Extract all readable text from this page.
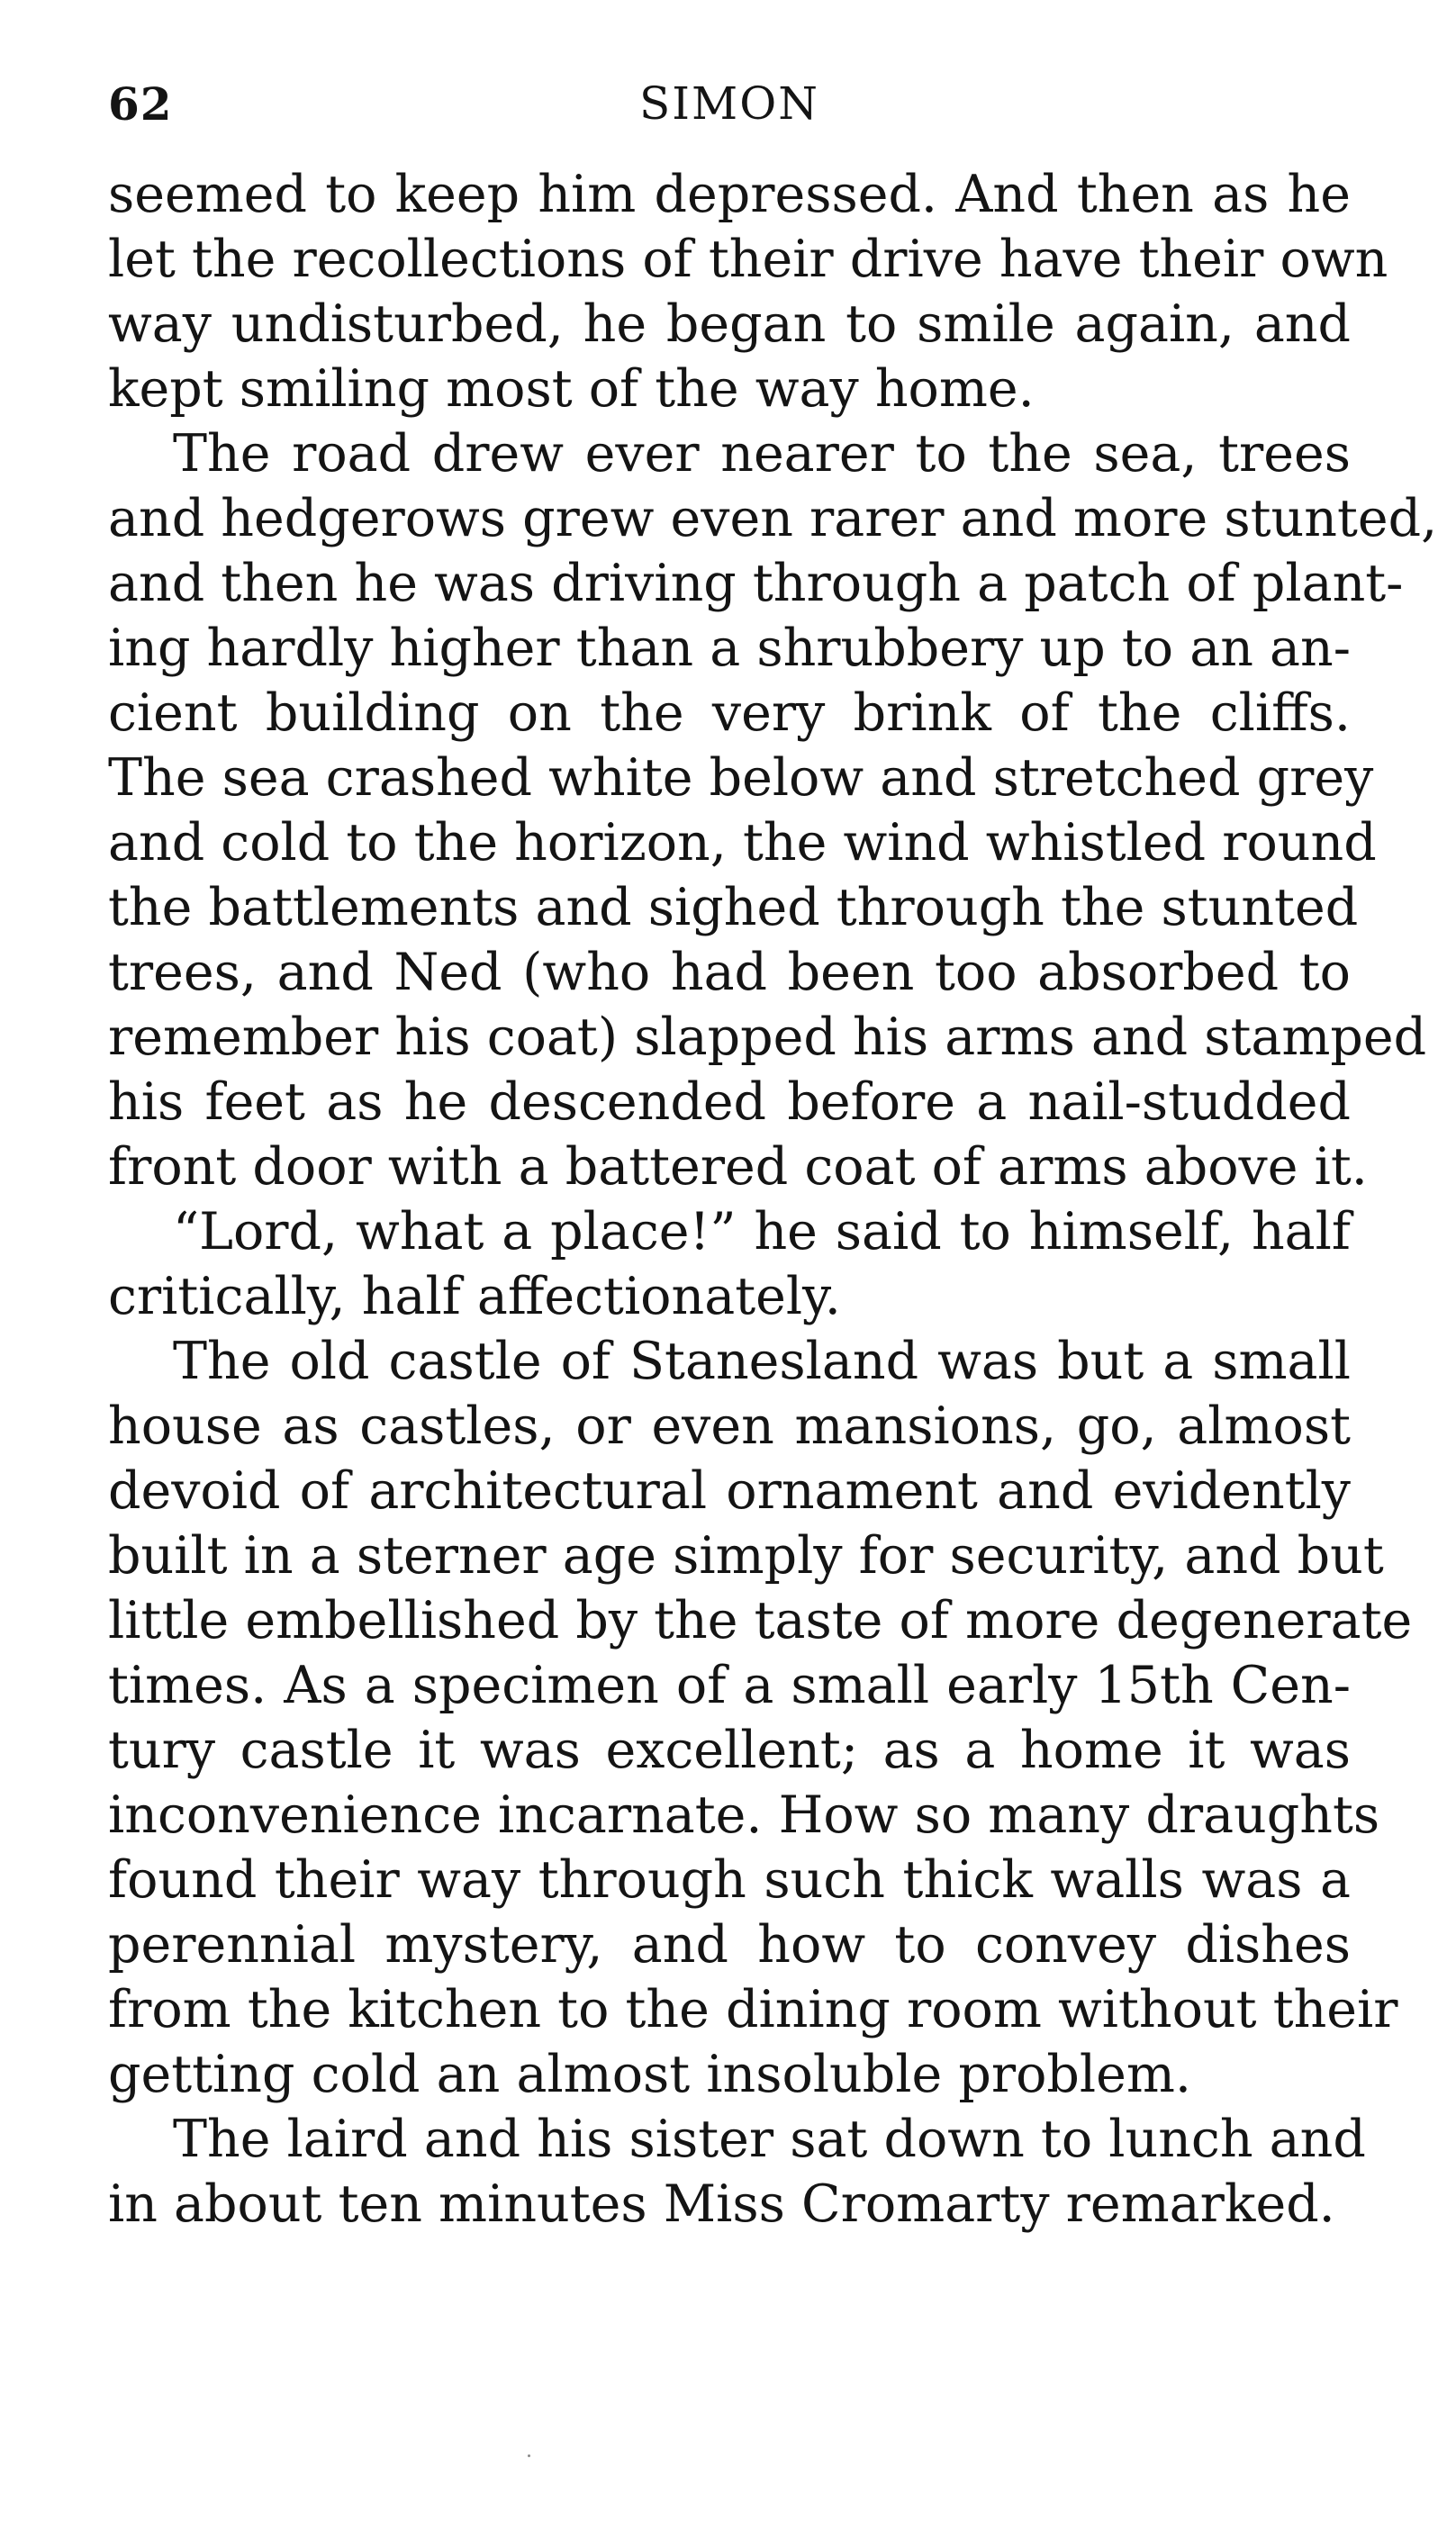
62	SIMON
seemed to keep him depressed. And then as he
let the recollections of their drive have their own
way undisturbed, he began to smile again, and
kept smiling most of the way home.
The road drew ever nearer to the sea, trees
and hedgerows grew even rarer and more stunted,
and then he was driving through a patch of plant-
ing hardly higher than a shrubbery up to an an-
cient building on the very brink of the cliffs.
The sea crashed white below and stretched grey
and cold to the horizon, the wind whistled round
the battlements and sighed through the stunted
trees, and Ned (who had been too absorbed to
remember his coat) slapped his arms and stamped
his feet as he descended before a nail-studded
front door with a battered coat of arms above it.
“Lord, what a place!” he said to himself, half
critically, half affectionately.
The old castle of Stanesland was but a small
house as castles, or even mansions, go, almost
devoid of architectural ornament and evidently
built in a sterner age simply for security, and but
little embellished by the taste of more degenerate
times. As a specimen of a small early 15th Cen-
tury castle it was excellent; as a home it was
inconvenience incarnate. How so many draughts
found their way through such thick walls was a
perennial mystery, and how to convey dishes
from the kitchen to the dining room without their
getting cold an almost insoluble problem.
The laird and his sister sat down to lunch and
in about ten minutes Miss Cromarty remarked.
